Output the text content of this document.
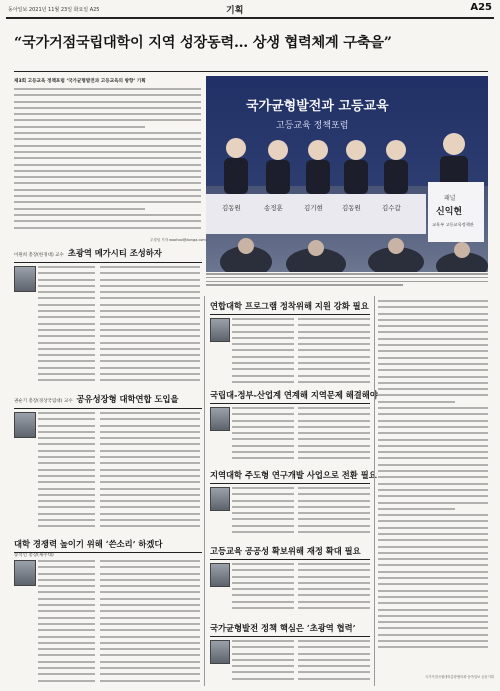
동아일보 2021년 11월 23일 화요일 A25	기획	A25
“국가거점국립대학이 지역 성장동력… 상생 협력체계 구축을”
제3회 고등교육 정책포럼 ‘국가균형발전과 고등교육의 방향’ 기획
우경임 기자 woohoo@donga.com
국가균형발전과 고등교육
고등교육 정책포럼
김동원	송정훈	김기현	김동원	김수갑
패널
신익현
교육부 고등교육정책관
이원희 총장(한경대) 교수 초광역 메가시티 조성하자
권순기 총장(경상국립대) 교수 공유성장형 대학연합 도입을
대학 경쟁력 높이기 위해 ‘쓴소리’ 하겠다
송석언 총장(제주대)
연합대학 프로그램 정착위해 지원 강화 필요
국립대-정부-산업계 연계해 지역문제 해결해야
지역대학 주도형 연구개발 사업으로 전환 필요
고등교육 공공성 확보위해 재정 확대 필요
국가균형발전 정책 핵심은 ‘초광역 협력’
국가거점국립대학총장협의회·동아일보 공동기획
